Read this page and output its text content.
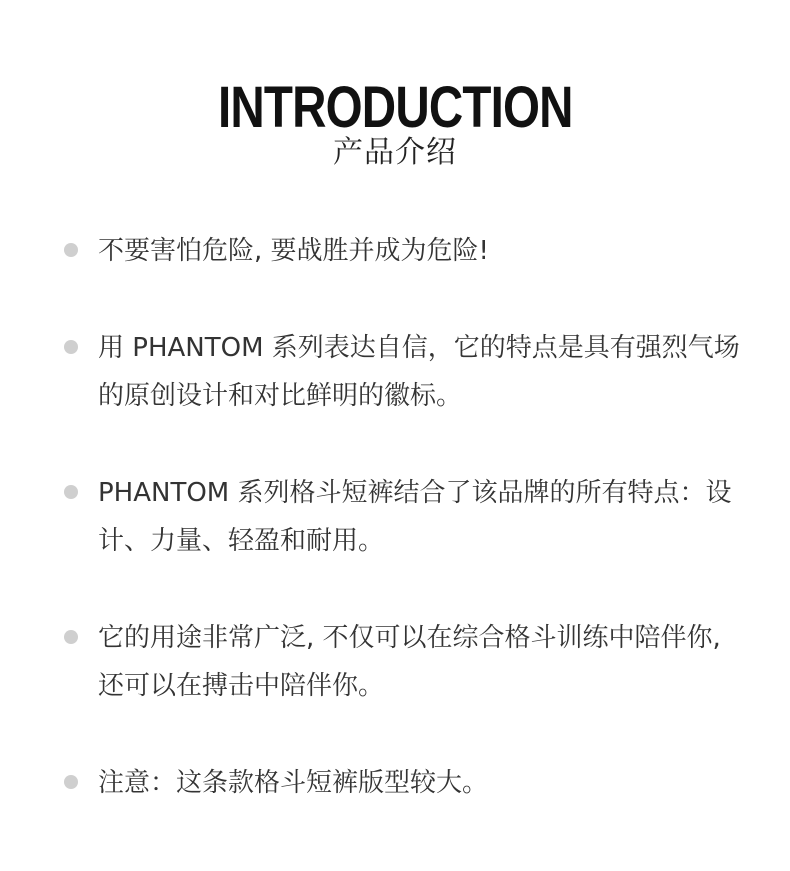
INTRODUCTION
产品介绍
不要害怕危险, 要战胜并成为危险!
用 PHANTOM 系列表达自信，它的特点是具有强烈气场的原创设计和对比鲜明的徽标。
PHANTOM 系列格斗短裤结合了该品牌的所有特点：设计、力量、轻盈和耐用。
它的用途非常广泛, 不仅可以在综合格斗训练中陪伴你, 还可以在搏击中陪伴你。
注意：这条款格斗短裤版型较大。
